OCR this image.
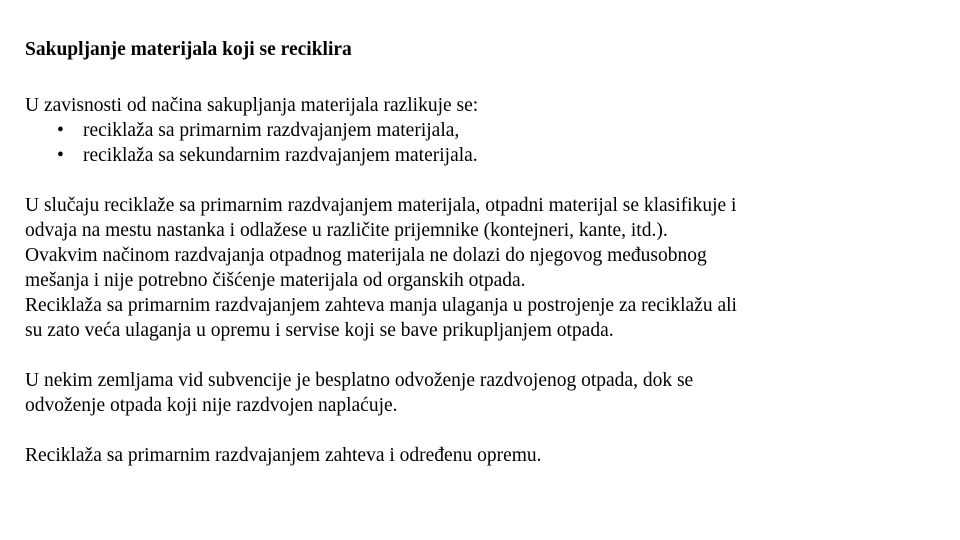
Sakupljanje materijala koji se reciklira

U zavisnosti od načina sakupljanja materijala razlikuje se:

• reciklaža sa primarnim razdvajanjem materijala,
• reciklaža sa sekundarnim razdvajanjem materijala.

U slučaju reciklaže sa primarnim razdvajanjem materijala, otpadni materijal se klasifikuje i
odvaja na mestu nastanka i odlažese u različite prijemnike (kontejneri, kante, itd.).
Ovakvim načinom razdvajanja otpadnog materijala ne dolazi do njegovog međusobnog
mešanja i nije potrebno čišćenje materijala od organskih otpada.
Reciklaža sa primarnim razdvajanjem zahteva manja ulaganja u postrojenje za reciklažu ali
su zato veća ulaganja u opremu i servise koji se bave prikupljanjem otpada.

U nekim zemljama vid subvencije je besplatno odvoženje razdvojenog otpada, dok se
odvoženje otpada koji nije razdvojen naplaćuje.

Reciklaža sa primarnim razdvajanjem zahteva i određenu opremu.
